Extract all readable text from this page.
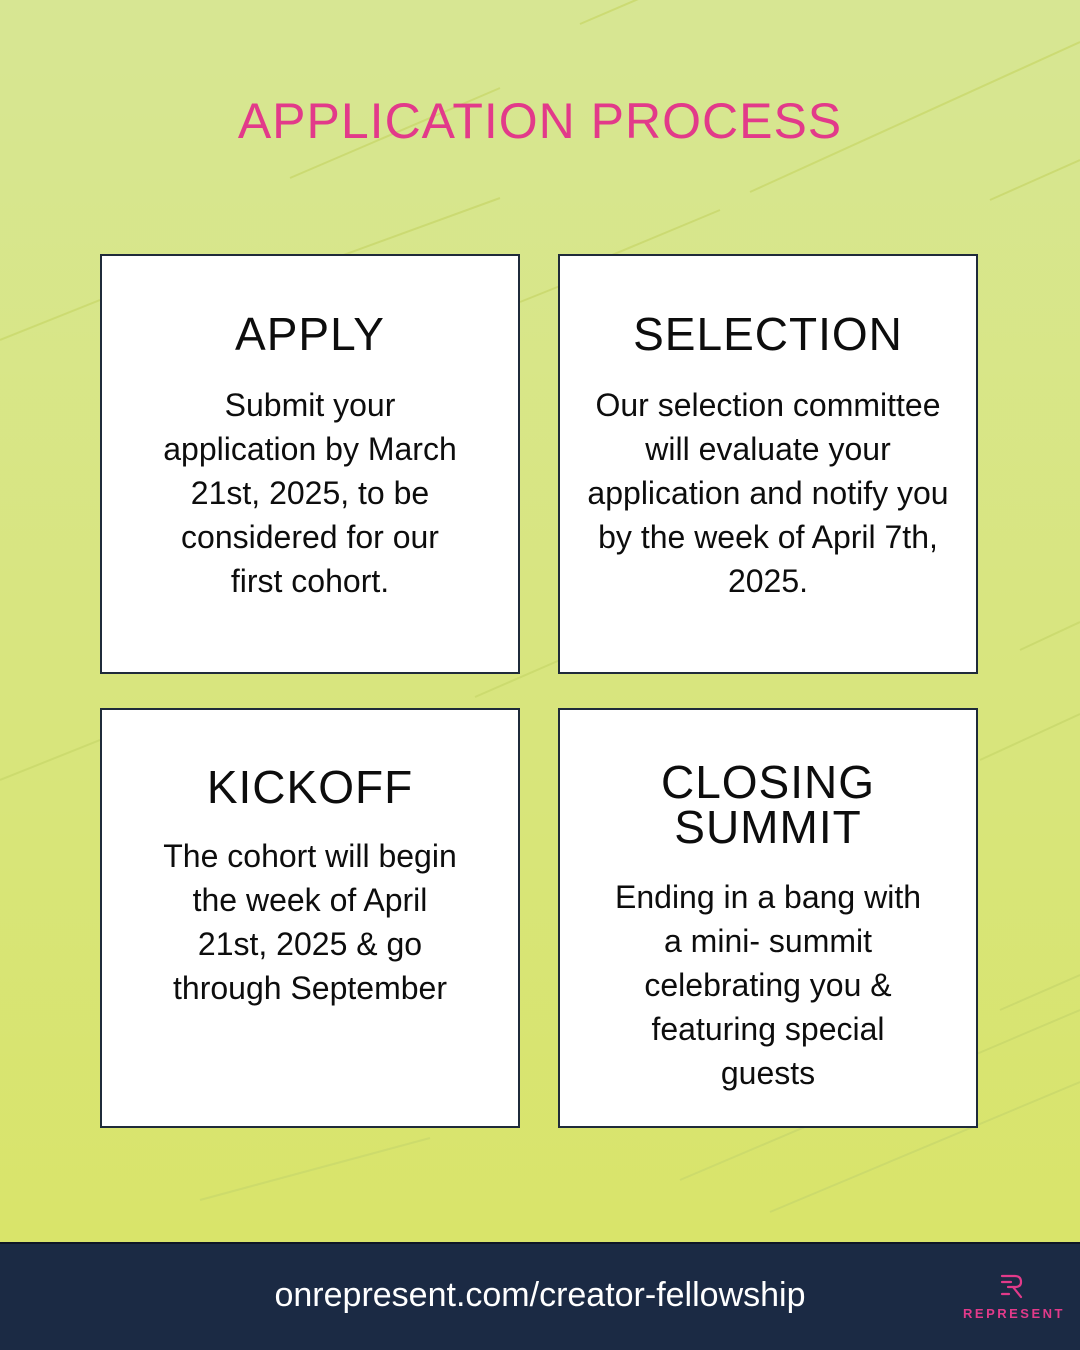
APPLICATION PROCESS
APPLY

Submit your application by March 21st, 2025, to be considered for our first cohort.

SELECTION

Our selection committee will evaluate your application and notify you by the week of April 7th, 2025.

KICKOFF

The cohort will begin the week of April 21st, 2025 & go through September

CLOSING SUMMIT

Ending in a bang with a mini- summit celebrating you & featuring special guests

onrepresent.com/creator-fellowship	REPRESENT
